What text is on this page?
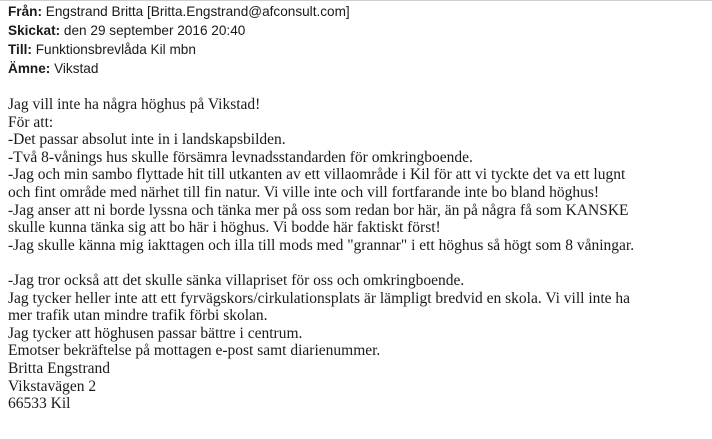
Från: Engstrand Britta [Britta.Engstrand@afconsult.com]
Skickat: den 29 september 2016 20:40
Till: Funktionsbrevlåda Kil mbn
Ämne: Vikstad
Jag vill inte ha några höghus på Vikstad!
För att:
-Det passar absolut inte in i landskapsbilden.
-Två 8-vånings hus skulle försämra levnadsstandarden för omkringboende.
-Jag och min sambo flyttade hit till utkanten av ett villaområde i Kil för att vi tyckte det va ett lugnt
och fint område med närhet till fin natur. Vi ville inte och vill fortfarande inte bo bland höghus!
-Jag anser att ni borde lyssna och tänka mer på oss som redan bor här, än på några få som KANSKE
skulle kunna tänka sig att bo här i höghus. Vi bodde här faktiskt först!
-Jag skulle känna mig iakttagen och illa till mods med "grannar" i ett höghus så högt som 8 våningar.
-Jag tror också att det skulle sänka villapriset för oss och omkringboende.
Jag tycker heller inte att ett fyrvägskors/cirkulationsplats är lämpligt bredvid en skola. Vi vill inte ha
mer trafik utan mindre trafik förbi skolan.
Jag tycker att höghusen passar bättre i centrum.
Emotser bekräftelse på mottagen e-post samt diarienummer.
Britta Engstrand
Vikstavägen 2
66533 Kil
